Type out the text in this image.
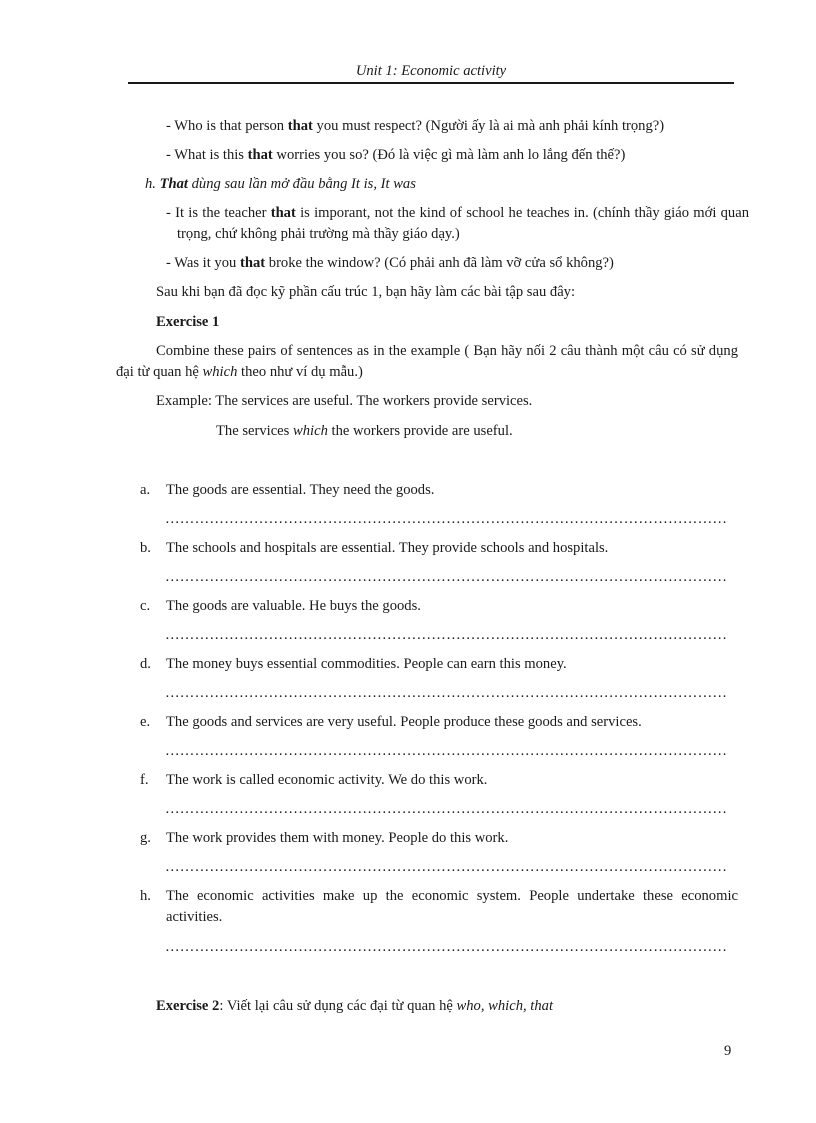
Unit 1: Economic activity
- Who is that person that you must respect? (Người ấy là ai mà anh phải kính trọng?)
- What is this that worries you so? (Đó là việc gì mà làm anh lo lắng đến thế?)
h. That dùng sau lần mở đầu bằng It is, It was
- It is the teacher that is imporant, not the kind of school he teaches in. (chính thầy giáo mới quan trọng, chứ không phải trường mà thầy giáo dạy.)
- Was it you that broke the window? (Có phải anh đã làm vỡ cửa sổ không?)
Sau khi bạn đã đọc kỹ phần cấu trúc 1, bạn hãy làm các bài tập sau đây:
Exercise 1
Combine these pairs of sentences as in the example ( Bạn hãy nối 2 câu thành một câu có sử dụng đại từ quan hệ which theo như ví dụ mẫu.)
Example: The services are useful. The workers provide services.
The services which the workers provide are useful.
a. The goods are essential. They need the goods.
……………………………………………………………………………………………………
b. The schools and hospitals are essential. They provide schools and hospitals.
……………………………………………………………………………………………………
c. The goods are valuable. He buys the goods.
……………………………………………………………………………………………………
d. The money buys essential commodities. People can earn this money.
……………………………………………………………………………………………………
e. The goods and services are very useful. People produce these goods and services.
……………………………………………………………………………………………………
f. The work is called economic activity. We do this work.
……………………………………………………………………………………………………
g. The work provides them with money. People do this work.
……………………………………………………………………………………………………
h. The economic activities make up the economic system. People undertake these economic activities.
……………………………………………………………………………………………………
Exercise 2: Viết lại câu sử dụng các đại từ quan hệ who, which, that
9
